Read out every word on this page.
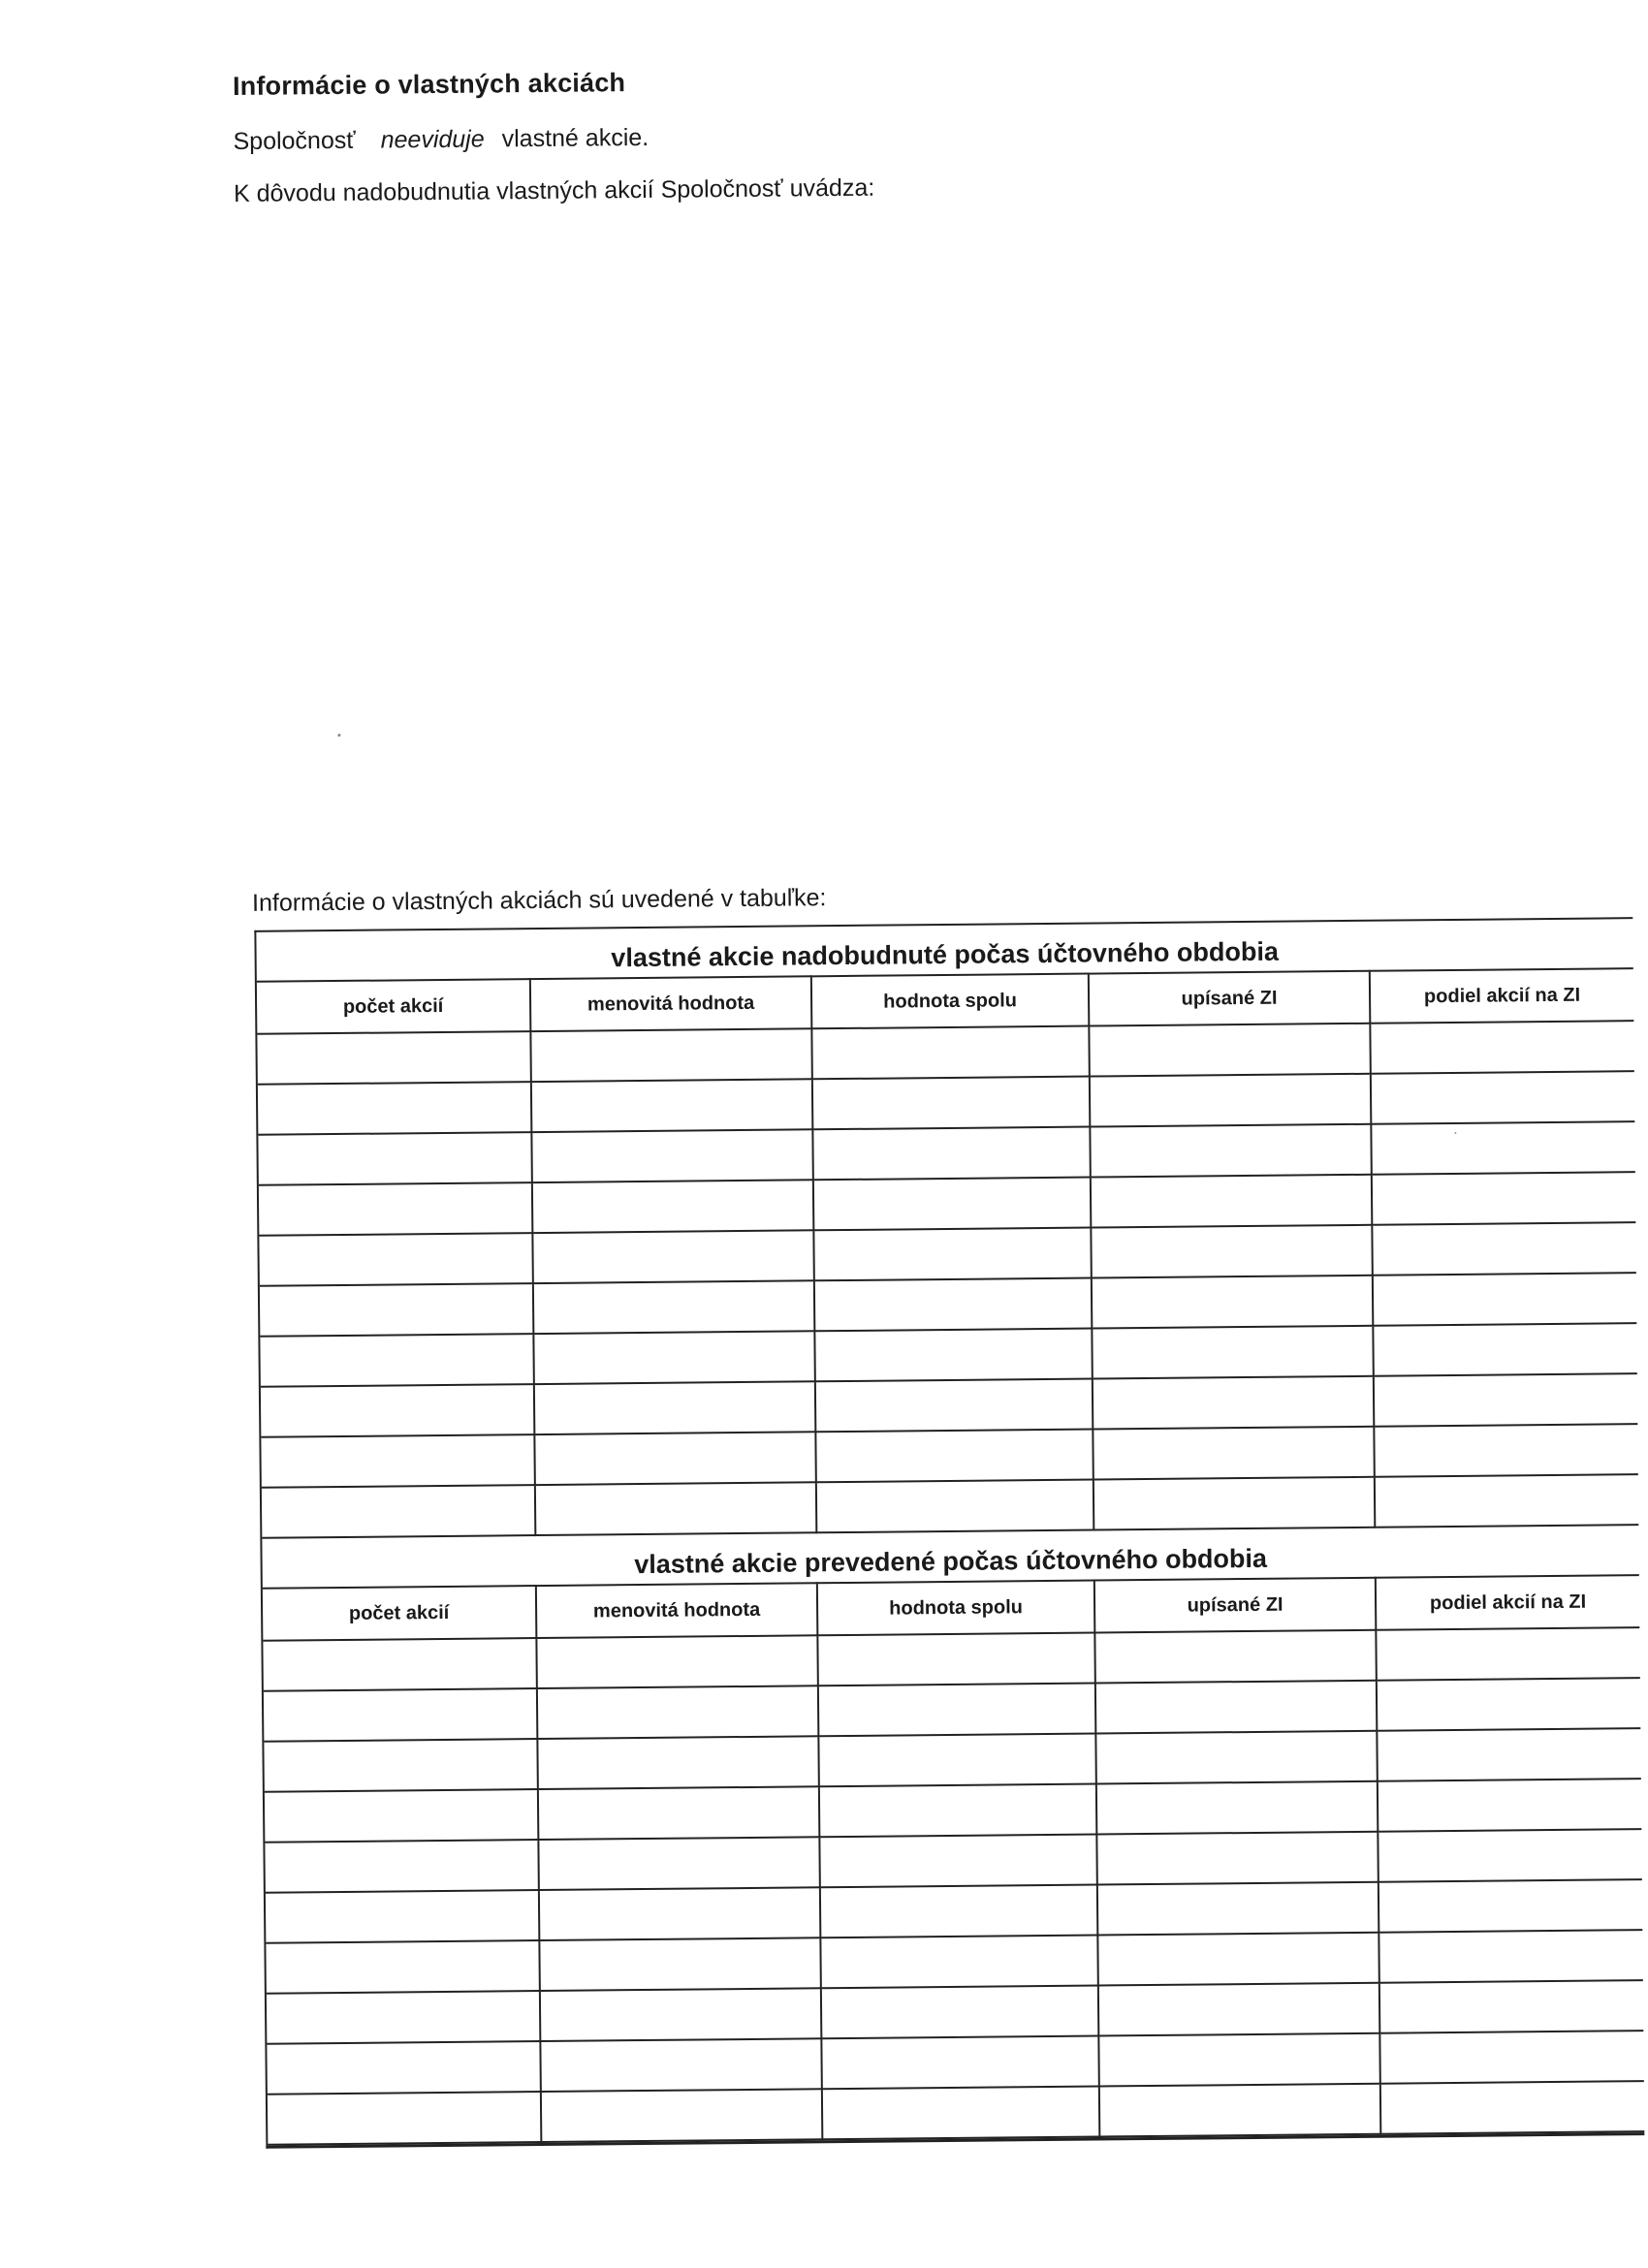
Informácie o vlastných akciách
Spoločnosť neeviduje vlastné akcie.
K dôvodu nadobudnutia vlastných akcií Spoločnosť uvádza:
Informácie o vlastných akciách sú uvedené v tabuľke:
vlastné akcie nadobudnuté počas účtovného obdobia				
počet akcií	menovitá hodnota	hodnota spolu	upísané ZI	podiel akcií na ZI

vlastné akcie prevedené počas účtovného obdobia				
počet akcií	menovitá hodnota	hodnota spolu	upísané ZI	podiel akcií na ZI
